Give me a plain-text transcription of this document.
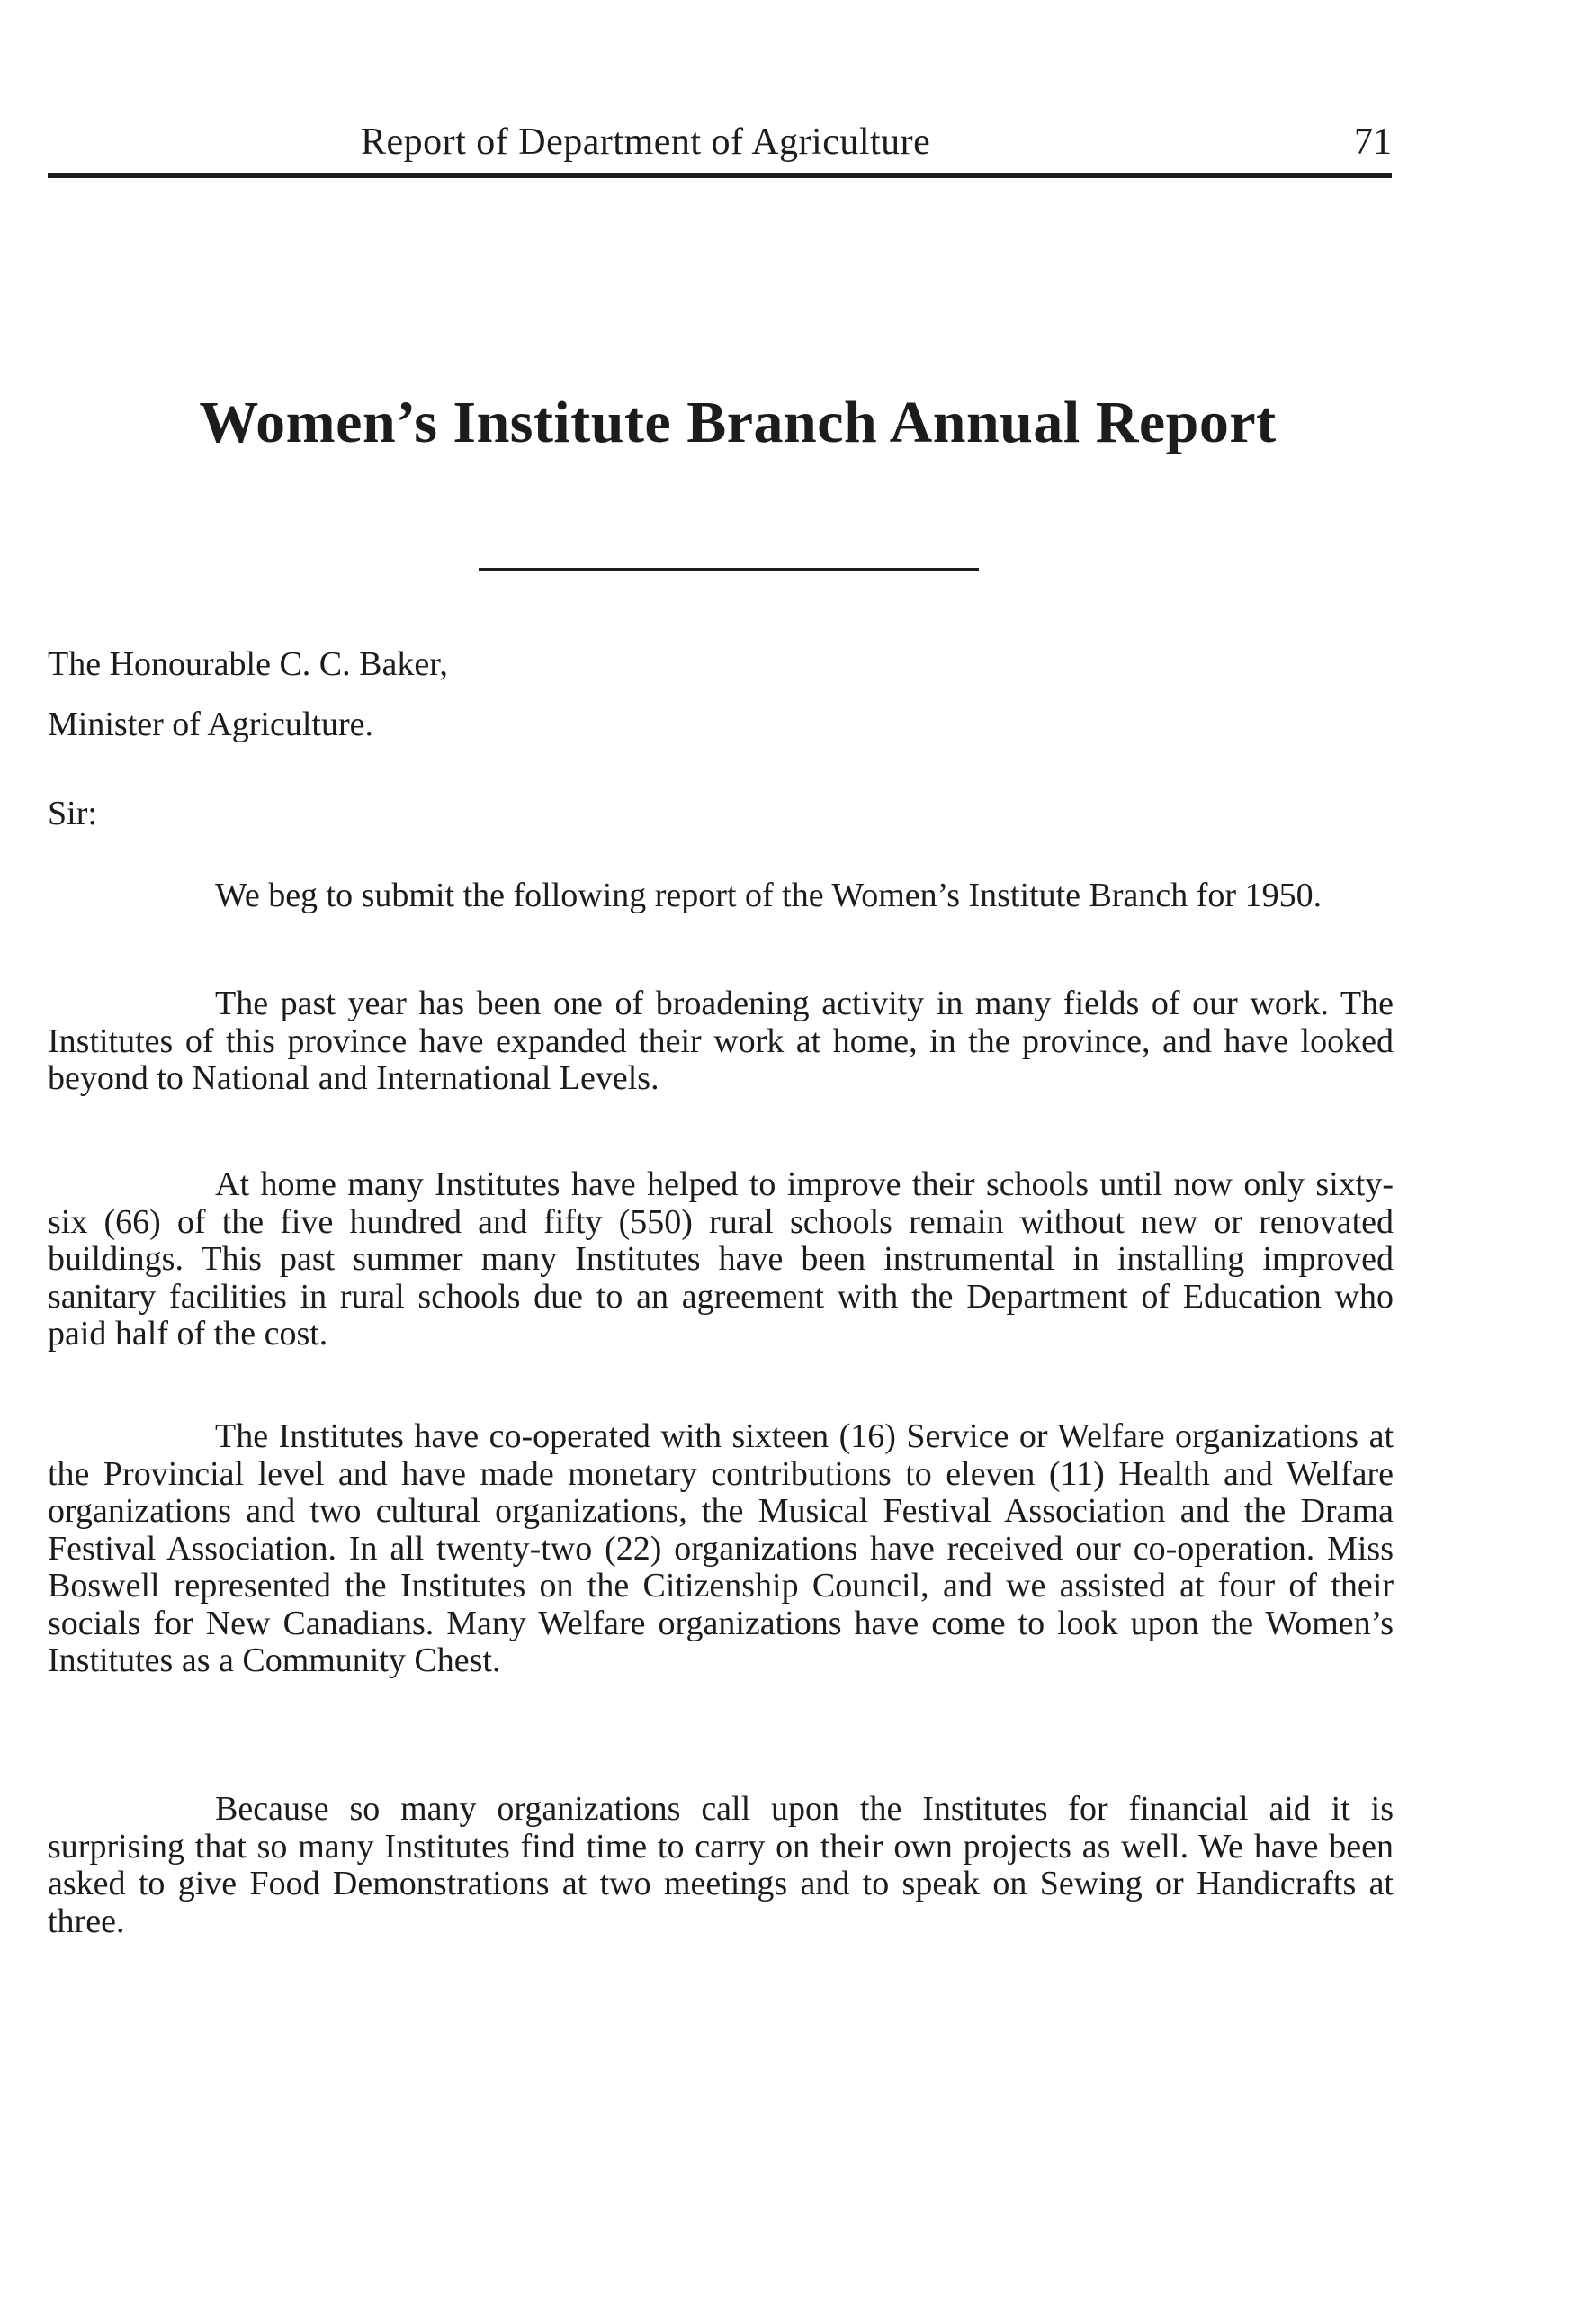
Report of Department of Agriculture	71
Women’s Institute Branch Annual Report
The Honourable C. C. Baker,
Minister of Agriculture.
Sir:

We beg to submit the following report of the Women’s Institute Branch for 1950.

The past year has been one of broadening activity in many fields of our work. The Institutes of this province have expanded their work at home, in the province, and have looked beyond to National and International Levels.

At home many Institutes have helped to improve their schools until now only sixty-six (66) of the five hundred and fifty (550) rural schools remain without new or renovated buildings. This past summer many Institutes have been instrumental in installing improved sanitary facilities in rural schools due to an agreement with the Department of Education who paid half of the cost.

The Institutes have co-operated with sixteen (16) Service or Welfare organizations at the Provincial level and have made monetary contributions to eleven (11) Health and Welfare organizations and two cultural organizations, the Musical Festival Association and the Drama Festival Association. In all twenty-two (22) organizations have received our co-operation. Miss Boswell represented the Institutes on the Citizenship Council, and we assisted at four of their socials for New Canadians. Many Welfare organizations have come to look upon the Women’s Institutes as a Community Chest.

Because so many organizations call upon the Institutes for financial aid it is surprising that so many Institutes find time to carry on their own projects as well. We have been asked to give Food Demonstrations at two meetings and to speak on Sewing or Handicrafts at three.
